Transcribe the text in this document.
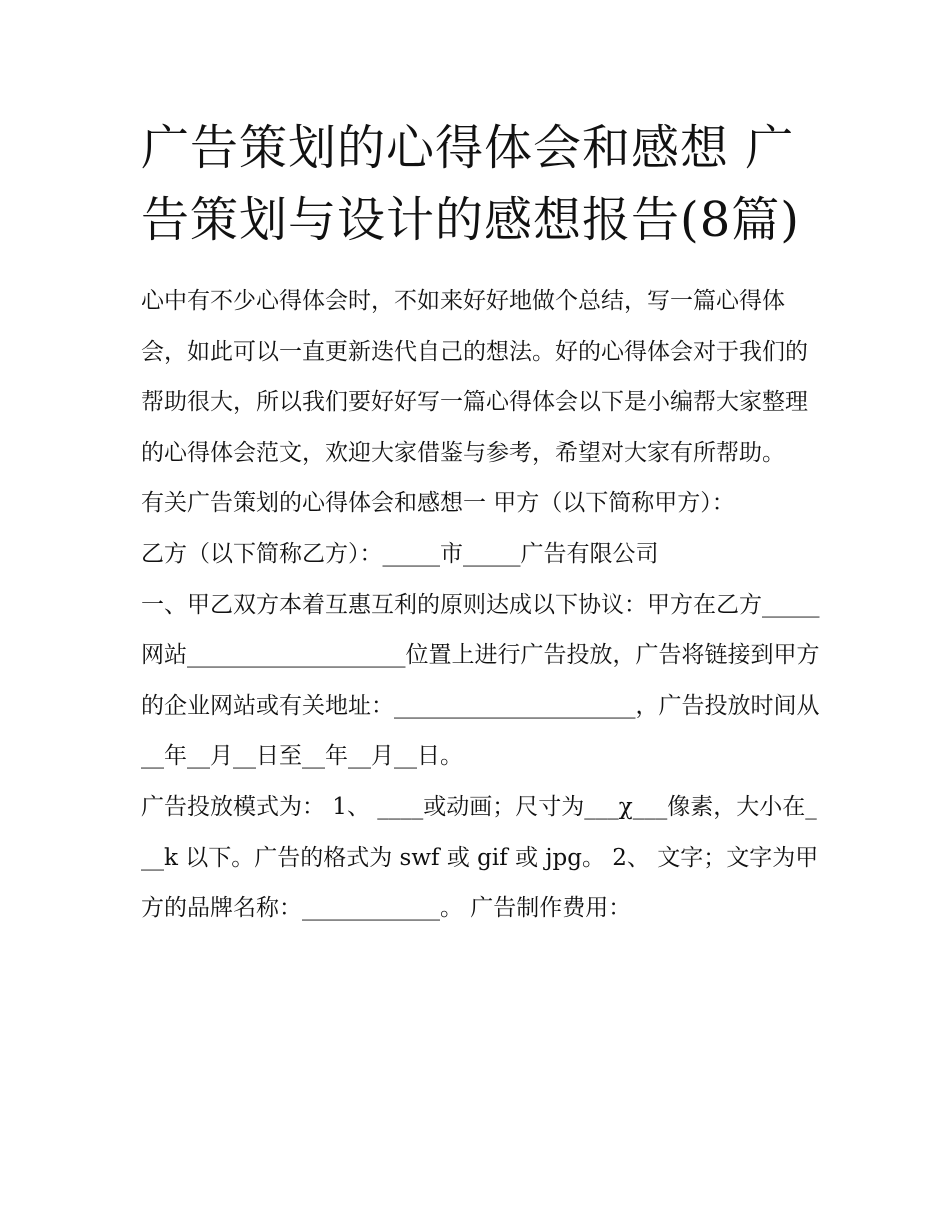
广告策划的心得体会和感想 广告策划与设计的感想报告(8篇)

心中有不少心得体会时，不如来好好地做个总结，写一篇心得体会，如此可以一直更新迭代自己的想法。好的心得体会对于我们的帮助很大，所以我们要好好写一篇心得体会以下是小编帮大家整理的心得体会范文，欢迎大家借鉴与参考，希望对大家有所帮助。

有关广告策划的心得体会和感想一 甲方（以下简称甲方）：

乙方（以下简称乙方）：_____市_____广告有限公司

一、甲乙双方本着互惠互利的原则达成以下协议：甲方在乙方_____网站___________________位置上进行广告投放，广告将链接到甲方的企业网站或有关地址：_____________________，广告投放时间从__年__月__日至__年__月__日。

广告投放模式为： 1、 ____或动画；尺寸为___χ___像素，大小在___k 以下。广告的格式为 swf 或 gif 或 jpg。 2、 文字；文字为甲方的品牌名称：____________。 广告制作费用：
